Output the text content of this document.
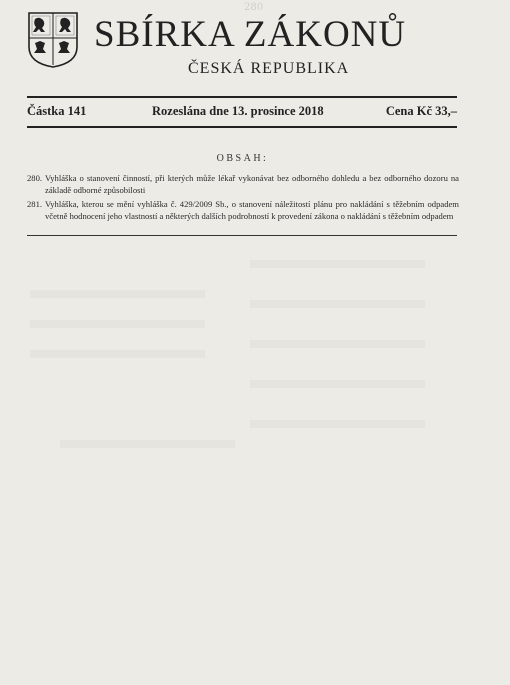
280
SBÍRKA ZÁKONŮ
ČESKÁ REPUBLIKA
Částka 141	Rozeslána dne 13. prosince 2018	Cena Kč 33,–
OBSAH:
280. Vyhláška o stanovení činností, při kterých může lékař vykonávat bez odborného dohledu a bez odborného dozoru na základě odborné způsobilosti
281. Vyhláška, kterou se mění vyhláška č. 429/2009 Sb., o stanovení náležitostí plánu pro nakládání s těžebním odpadem včetně hodnocení jeho vlastností a některých dalších podrobností k provedení zákona o nakládání s těžebním odpadem
